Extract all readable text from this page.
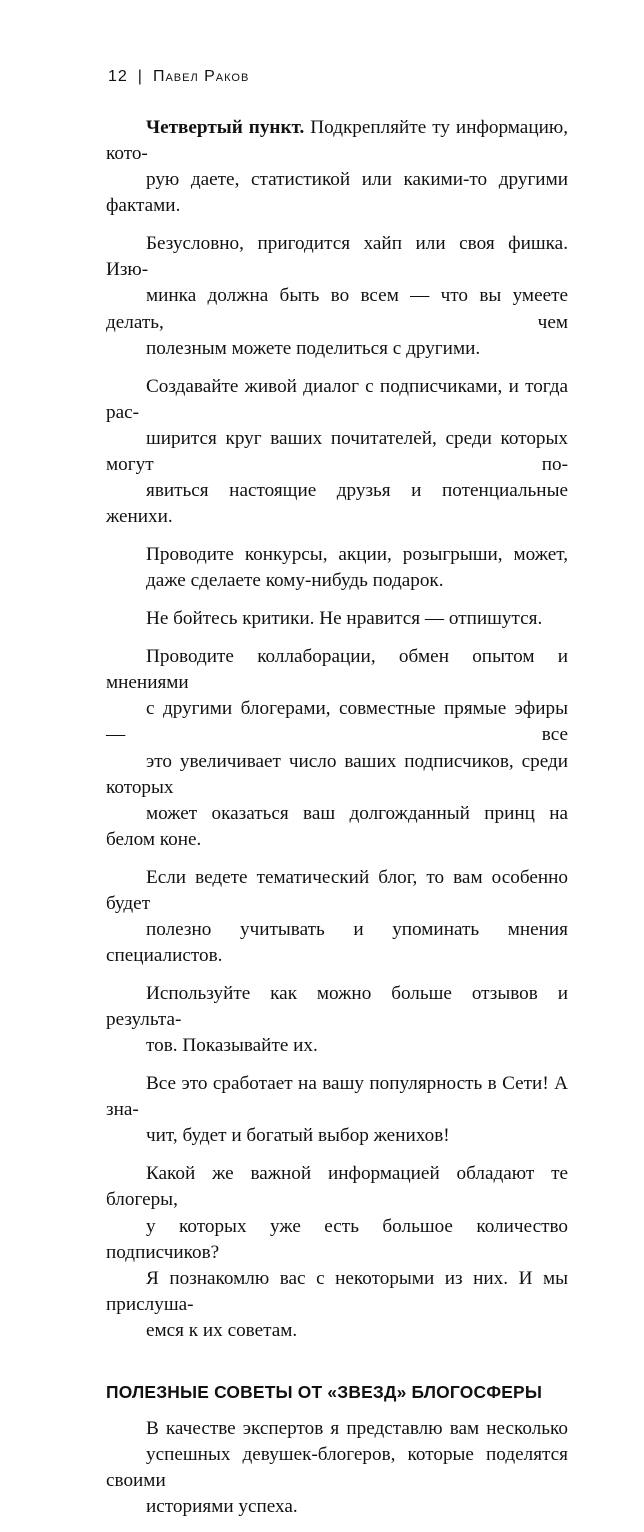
12 | Павел Раков
Четвертый пункт. Подкрепляйте ту информацию, кото-
рую даете, статистикой или какими-то другими фактами.
Безусловно, пригодится хайп или своя фишка. Изю-
минка должна быть во всем — что вы умеете делать, чем
полезным можете поделиться с другими.
Создавайте живой диалог с подписчиками, и тогда рас-
ширится круг ваших почитателей, среди которых могут по-
явиться настоящие друзья и потенциальные женихи.
Проводите конкурсы, акции, розыгрыши, может,
даже сделаете кому-нибудь подарок.
Не бойтесь критики. Не нравится — отпишутся.
Проводите коллаборации, обмен опытом и мнениями
с другими блогерами, совместные прямые эфиры — все
это увеличивает число ваших подписчиков, среди которых
может оказаться ваш долгожданный принц на белом коне.
Если ведете тематический блог, то вам особенно будет
полезно учитывать и упоминать мнения специалистов.
Используйте как можно больше отзывов и результа-
тов. Показывайте их.
Все это сработает на вашу популярность в Сети! А зна-
чит, будет и богатый выбор женихов!
Какой же важной информацией обладают те блогеры,
у которых уже есть большое количество подписчиков?
Я познакомлю вас с некоторыми из них. И мы прислуша-
емся к их советам.
ПОЛЕЗНЫЕ СОВЕТЫ ОТ «ЗВЕЗД» БЛОГОСФЕРЫ
В качестве экспертов я представлю вам несколько
успешных девушек-блогеров, которые поделятся своими
историями успеха.
